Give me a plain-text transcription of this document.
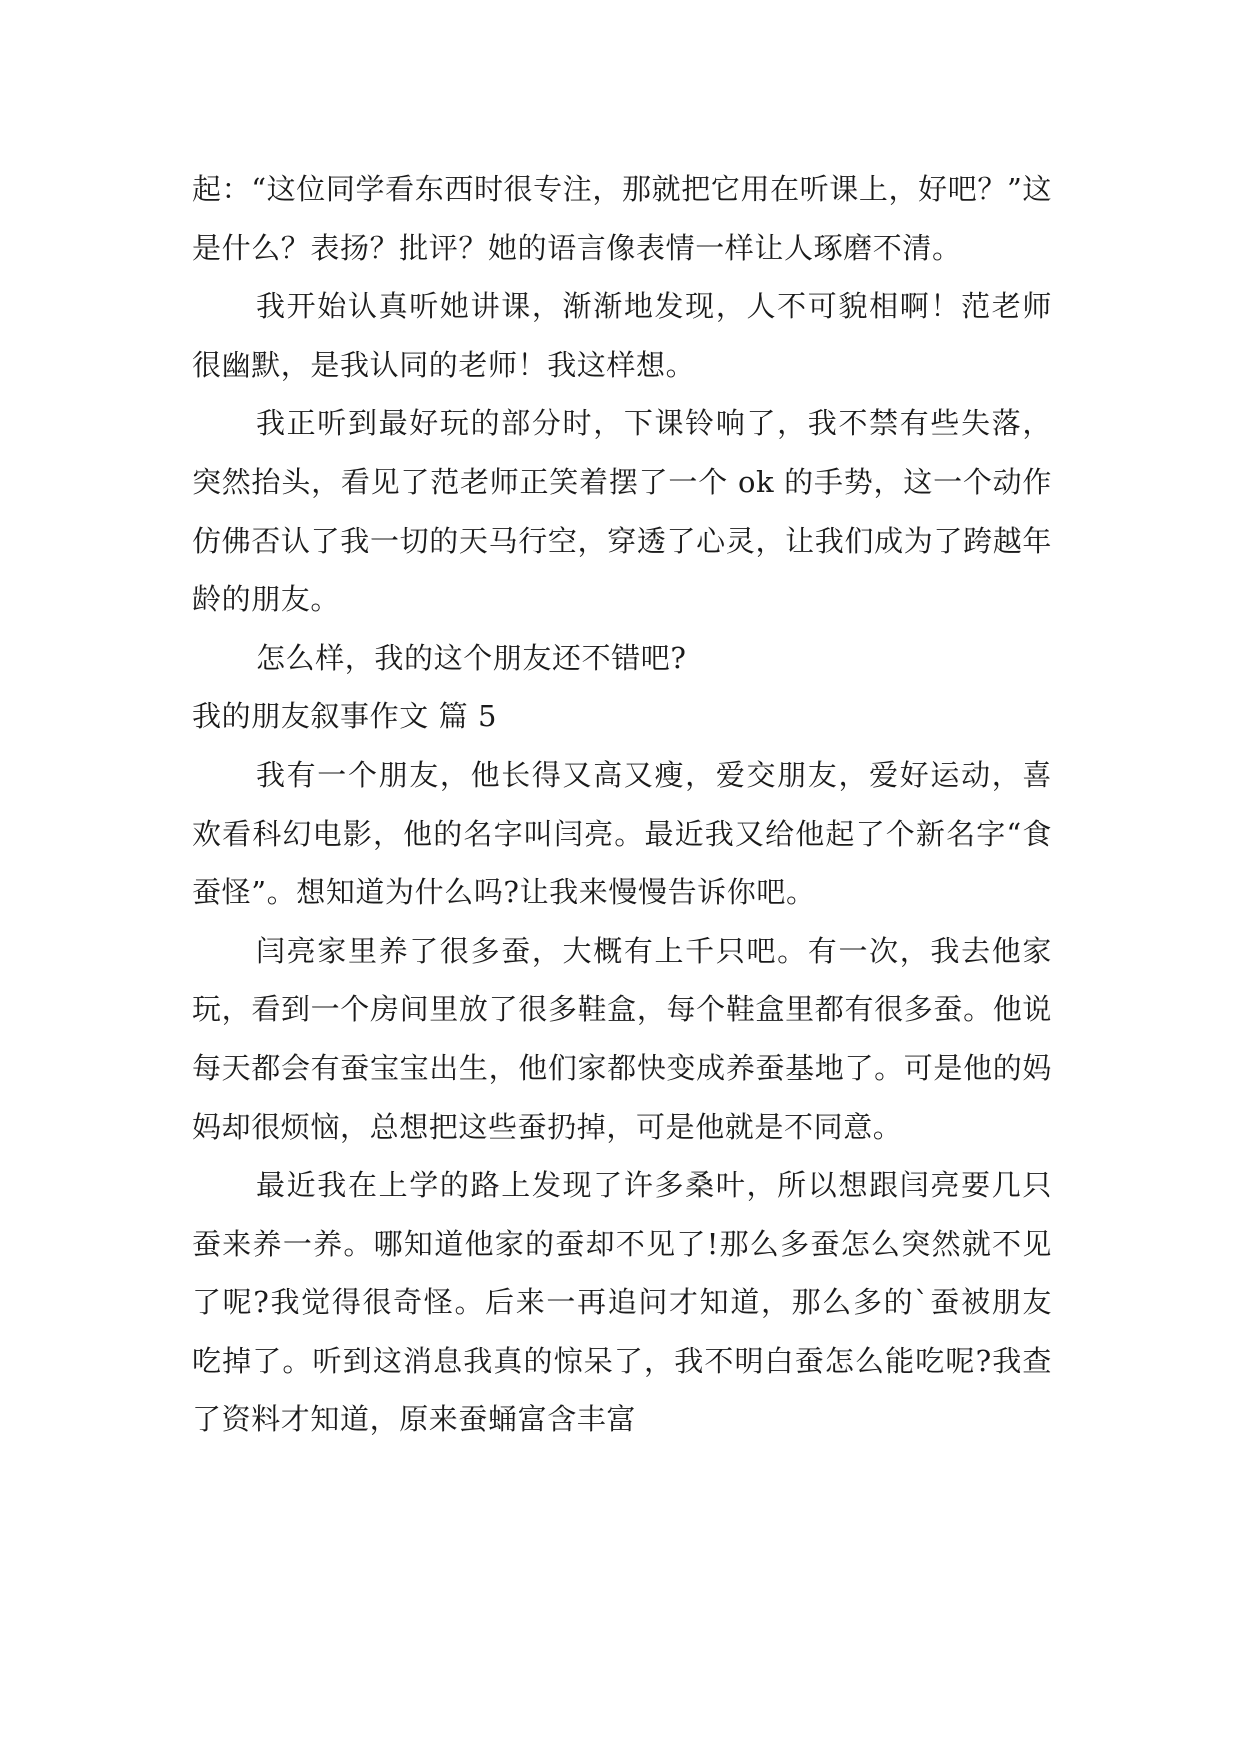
起：“这位同学看东西时很专注，那就把它用在听课上，好吧？”这是什么？表扬？批评？她的语言像表情一样让人琢磨不清。

我开始认真听她讲课，渐渐地发现，人不可貌相啊！范老师很幽默，是我认同的老师！我这样想。

我正听到最好玩的部分时，下课铃响了，我不禁有些失落，突然抬头，看见了范老师正笑着摆了一个 ok 的手势，这一个动作仿佛否认了我一切的天马行空，穿透了心灵，让我们成为了跨越年龄的朋友。

怎么样，我的这个朋友还不错吧?

我的朋友叙事作文 篇 5

我有一个朋友，他长得又高又瘦，爱交朋友，爱好运动，喜欢看科幻电影，他的名字叫闫亮。最近我又给他起了个新名字“食蚕怪”。想知道为什么吗?让我来慢慢告诉你吧。

闫亮家里养了很多蚕，大概有上千只吧。有一次，我去他家玩，看到一个房间里放了很多鞋盒，每个鞋盒里都有很多蚕。他说每天都会有蚕宝宝出生，他们家都快变成养蚕基地了。可是他的妈妈却很烦恼，总想把这些蚕扔掉，可是他就是不同意。

最近我在上学的路上发现了许多桑叶，所以想跟闫亮要几只蚕来养一养。哪知道他家的蚕却不见了!那么多蚕怎么突然就不见了呢?我觉得很奇怪。后来一再追问才知道，那么多的`蚕被朋友吃掉了。听到这消息我真的惊呆了，我不明白蚕怎么能吃呢?我查了资料才知道，原来蚕蛹富含丰富
